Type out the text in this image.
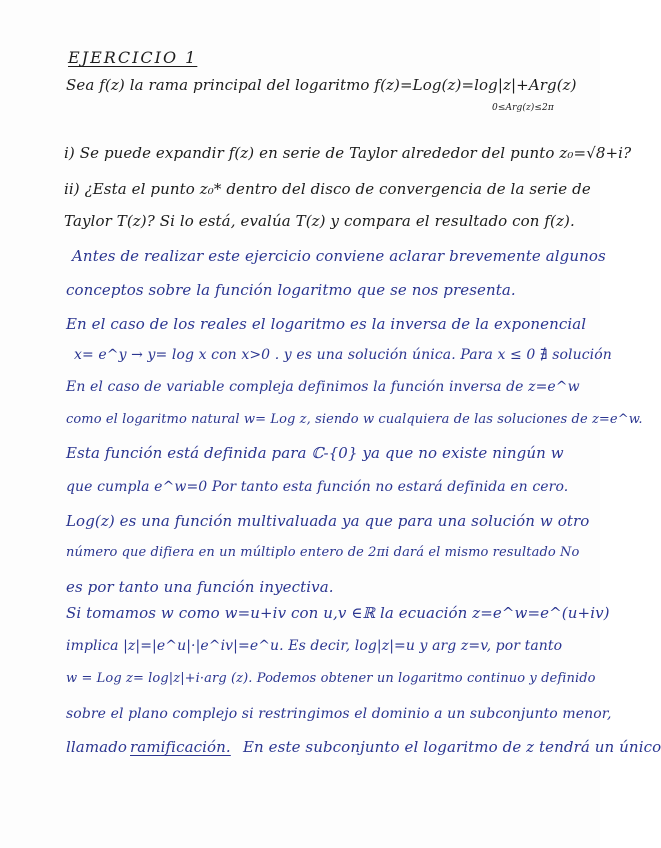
EJERCICIO 1
Sea f(z) la rama principal del logaritmo f(z)=Log(z)=log|z|+Arg(z)
0≤Arg(z)≤2π
i) Se puede expandir f(z) en serie de Taylor alrededor del punto z₀=√8+i?
ii) ¿Esta el punto z₀* dentro del disco de convergencia de la serie de
Taylor T(z)? Si lo está, evalúa T(z) y compara el resultado con f(z).
Antes de realizar este ejercicio conviene aclarar brevemente algunos
conceptos sobre la función logaritmo que se nos presenta.
En el caso de los reales el logaritmo es la inversa de la exponencial
x= e^y → y= log x con x>0 . y es una solución única. Para x ≤ 0 ∄ solución
En el caso de variable compleja definimos la función inversa de z=e^w
como el logaritmo natural w= Log z, siendo w cualquiera de las soluciones de z=e^w.
Esta función está definida para ℂ-{0} ya que no existe ningún w
que cumpla e^w=0 Por tanto esta función no estará definida en cero.
Log(z) es una función multivaluada ya que para una solución w otro
número que difiera en un múltiplo entero de 2πi dará el mismo resultado No
es por tanto una función inyectiva.
Si tomamos w como w=u+iv con u,v ∈ℝ la ecuación z=e^w=e^(u+iv)
implica |z|=|e^u|·|e^iv|=e^u. Es decir, log|z|=u y arg z=v, por tanto
w = Log z= log|z|+i·arg (z). Podemos obtener un logaritmo continuo y definido
sobre el plano complejo si restringimos el dominio a un subconjunto menor,
llamado ramificación. En este subconjunto el logaritmo de z tendrá un único
